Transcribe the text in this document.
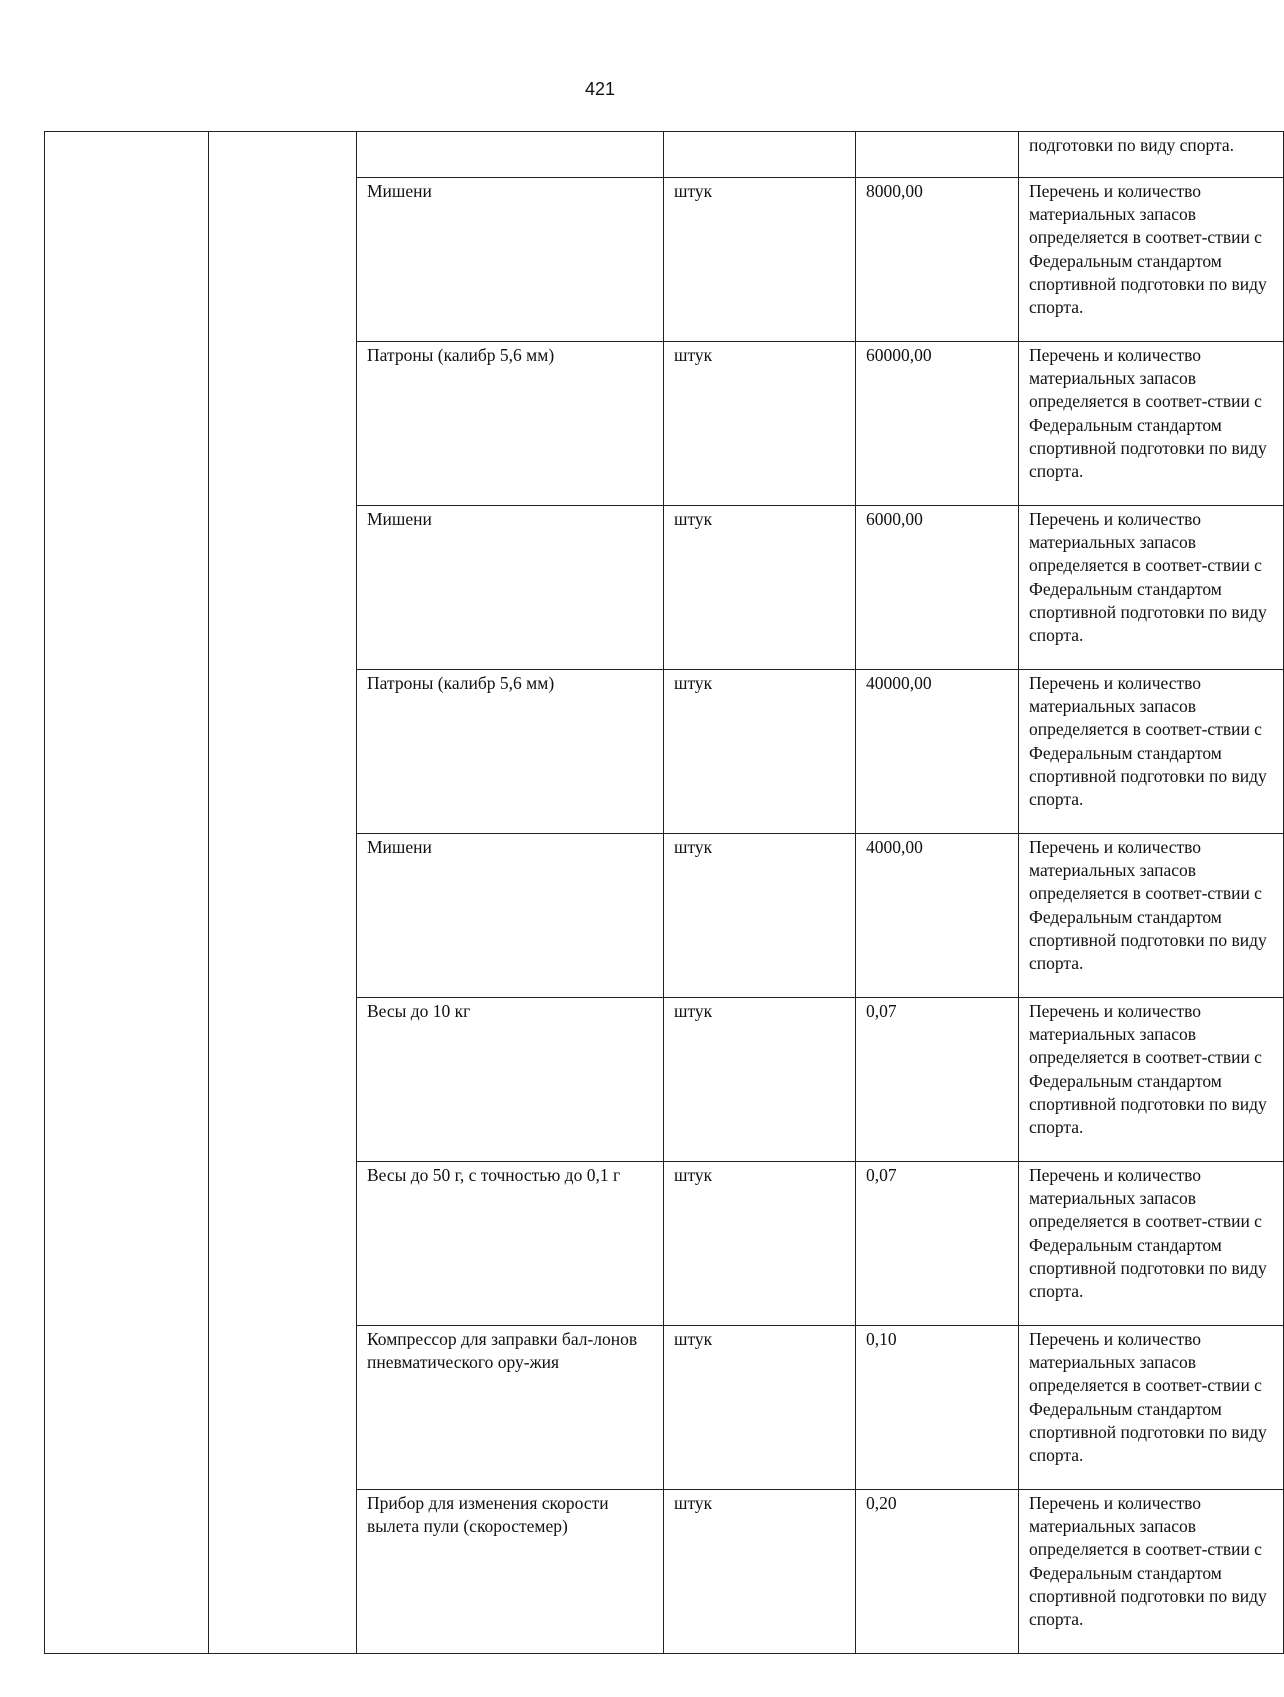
421

					подготовки по виду спорта.

		Мишени	штук	8000,00	Перечень и количество материальных запасов определяется в соответ-ствии с Федеральным стандартом спортивной подготовки по виду спорта.

		Патроны (калибр 5,6 мм)	штук	60000,00	Перечень и количество материальных запасов определяется в соответ-ствии с Федеральным стандартом спортивной подготовки по виду спорта.

		Мишени	штук	6000,00	Перечень и количество материальных запасов определяется в соответ-ствии с Федеральным стандартом спортивной подготовки по виду спорта.

		Патроны (калибр 5,6 мм)	штук	40000,00	Перечень и количество материальных запасов определяется в соответ-ствии с Федеральным стандартом спортивной подготовки по виду спорта.

		Мишени	штук	4000,00	Перечень и количество материальных запасов определяется в соответ-ствии с Федеральным стандартом спортивной подготовки по виду спорта.

		Весы до 10 кг	штук	0,07	Перечень и количество материальных запасов определяется в соответ-ствии с Федеральным стандартом спортивной подготовки по виду спорта.

		Весы до 50 г, с точностью до 0,1 г	штук	0,07	Перечень и количество материальных запасов определяется в соответ-ствии с Федеральным стандартом спортивной подготовки по виду спорта.

		Компрессор для заправки бал-лонов пневматического ору-жия	штук	0,10	Перечень и количество материальных запасов определяется в соответ-ствии с Федеральным стандартом спортивной подготовки по виду спорта.

		Прибор для изменения скорости вылета пули (скоростемер)	штук	0,20	Перечень и количество материальных запасов определяется в соответ-ствии с Федеральным стандартом спортивной подготовки по виду спорта.
